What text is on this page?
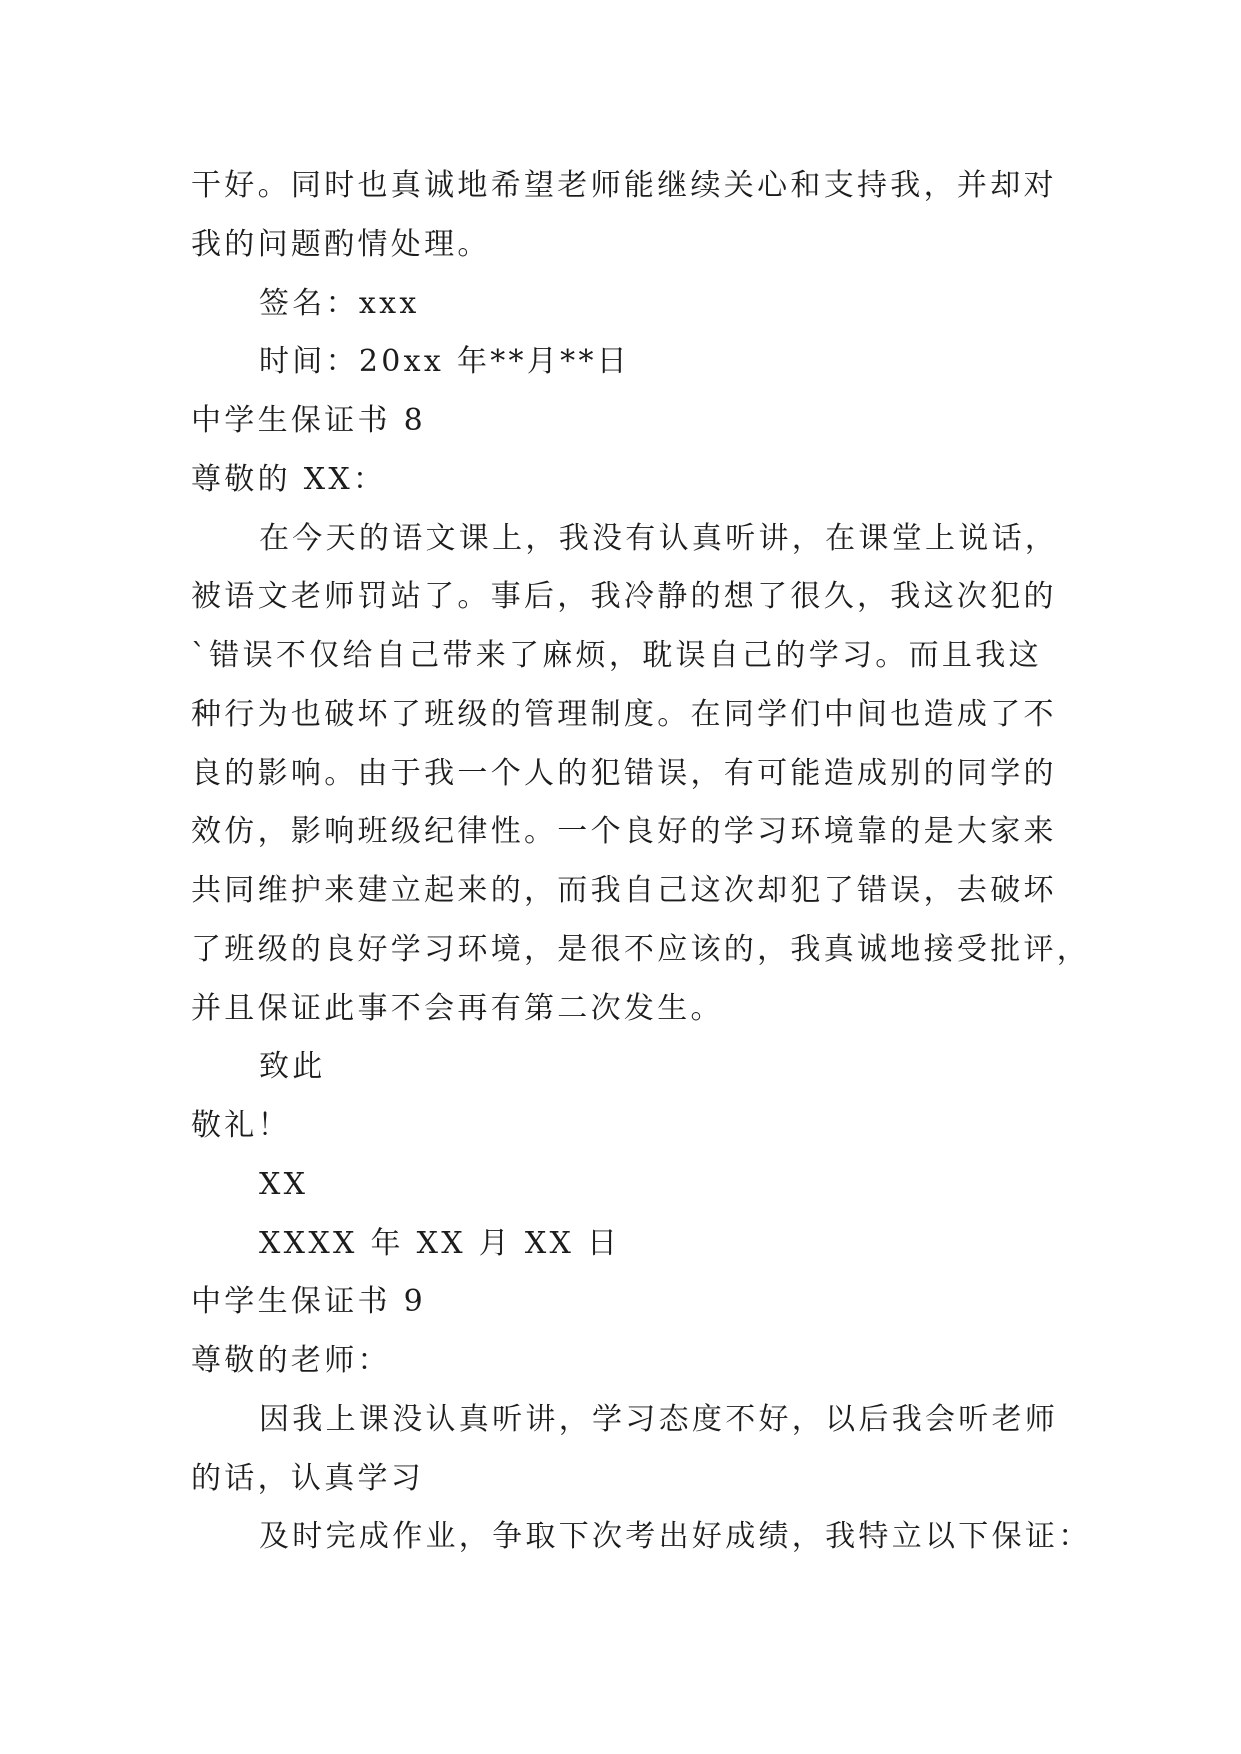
干好。同时也真诚地希望老师能继续关心和支持我，并却对
我的问题酌情处理。
签名：xxx
时间：20xx 年**月**日
中学生保证书 8
尊敬的 XX：
在今天的语文课上，我没有认真听讲，在课堂上说话，
被语文老师罚站了。事后，我冷静的想了很久，我这次犯的
`错误不仅给自己带来了麻烦，耽误自己的学习。而且我这
种行为也破坏了班级的管理制度。在同学们中间也造成了不
良的影响。由于我一个人的犯错误，有可能造成别的同学的
效仿，影响班级纪律性。一个良好的学习环境靠的是大家来
共同维护来建立起来的，而我自己这次却犯了错误，去破坏
了班级的良好学习环境，是很不应该的，我真诚地接受批评，
并且保证此事不会再有第二次发生。
致此
敬礼！
XX
XXXX 年 XX 月 XX 日
中学生保证书 9
尊敬的老师：
因我上课没认真听讲，学习态度不好，以后我会听老师
的话，认真学习
及时完成作业，争取下次考出好成绩，我特立以下保证：
